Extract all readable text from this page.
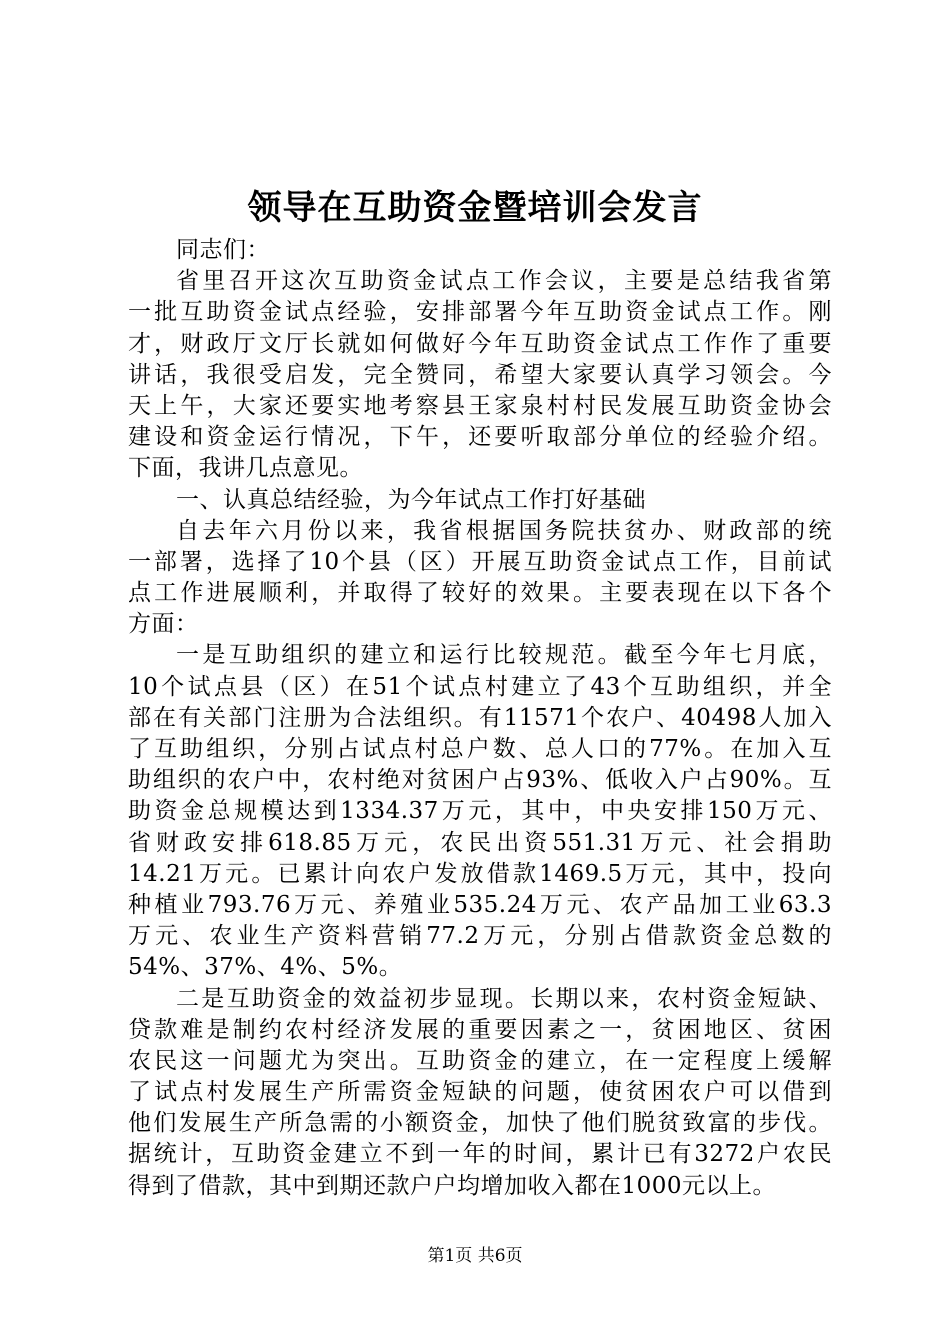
领导在互助资金暨培训会发言
同志们：
省里召开这次互助资金试点工作会议，主要是总结我省第
一批互助资金试点经验，安排部署今年互助资金试点工作。刚
才，财政厅文厅长就如何做好今年互助资金试点工作作了重要
讲话，我很受启发，完全赞同，希望大家要认真学习领会。今
天上午，大家还要实地考察县王家泉村村民发展互助资金协会
建设和资金运行情况，下午，还要听取部分单位的经验介绍。
下面，我讲几点意见。
一、认真总结经验，为今年试点工作打好基础
自去年六月份以来，我省根据国务院扶贫办、财政部的统
一部署，选择了10个县（区）开展互助资金试点工作，目前试
点工作进展顺利，并取得了较好的效果。主要表现在以下各个
方面：
一是互助组织的建立和运行比较规范。截至今年七月底，
10个试点县（区）在51个试点村建立了43个互助组织，并全
部在有关部门注册为合法组织。有11571个农户、40498人加入
了互助组织，分别占试点村总户数、总人口的77%。在加入互
助组织的农户中，农村绝对贫困户占93%、低收入户占90%。互
助资金总规模达到1334.37万元，其中，中央安排150万元、
省财政安排618.85万元，农民出资551.31万元、社会捐助
14.21万元。已累计向农户发放借款1469.5万元，其中，投向
种植业793.76万元、养殖业535.24万元、农产品加工业63.3
万元、农业生产资料营销77.2万元，分别占借款资金总数的
54%、37%、4%、5%。
二是互助资金的效益初步显现。长期以来，农村资金短缺、
贷款难是制约农村经济发展的重要因素之一，贫困地区、贫困
农民这一问题尤为突出。互助资金的建立，在一定程度上缓解
了试点村发展生产所需资金短缺的问题，使贫困农户可以借到
他们发展生产所急需的小额资金，加快了他们脱贫致富的步伐。
据统计，互助资金建立不到一年的时间，累计已有3272户农民
得到了借款，其中到期还款户户均增加收入都在1000元以上。
第1页 共6页
